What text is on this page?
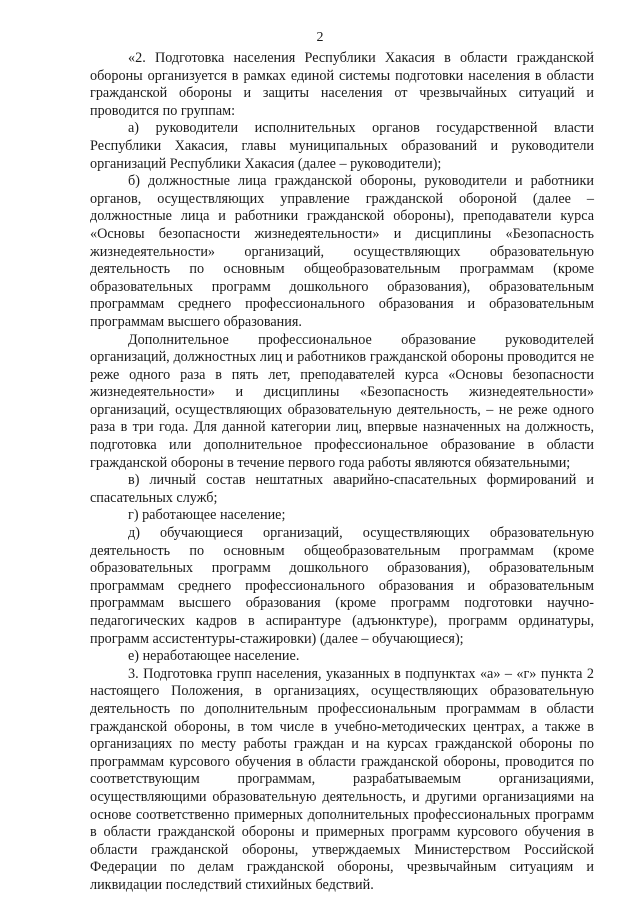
2

«2. Подготовка населения Республики Хакасия в области гражданской обороны организуется в рамках единой системы подготовки населения в области гражданской обороны и защиты населения от чрезвычайных ситуаций и проводится по группам:

а) руководители исполнительных органов государственной власти Республики Хакасия, главы муниципальных образований и руководители организаций Республики Хакасия (далее – руководители);

б) должностные лица гражданской обороны, руководители и работники органов, осуществляющих управление гражданской обороной (далее – должностные лица и работники гражданской обороны), преподаватели курса «Основы безопасности жизнедеятельности» и дисциплины «Безопасность жизнедеятельности» организаций, осуществляющих образовательную деятельность по основным общеобразовательным программам (кроме образовательных программ дошкольного образования), образовательным программам среднего профессионального образования и образовательным программам высшего образования.

Дополнительное профессиональное образование руководителей организаций, должностных лиц и работников гражданской обороны проводится не реже одного раза в пять лет, преподавателей курса «Основы безопасности жизнедеятельности» и дисциплины «Безопасность жизнедеятельности» организаций, осуществляющих образовательную деятельность, – не реже одного раза в три года. Для данной категории лиц, впервые назначенных на должность, подготовка или дополнительное профессиональное образование в области гражданской обороны в течение первого года работы являются обязательными;

в) личный состав нештатных аварийно-спасательных формирований и спасательных служб;

г) работающее население;

д) обучающиеся организаций, осуществляющих образовательную деятельность по основным общеобразовательным программам (кроме образовательных программ дошкольного образования), образовательным программам среднего профессионального образования и образовательным программам высшего образования (кроме программ подготовки научно-педагогических кадров в аспирантуре (адъюнктуре), программ ординатуры, программ ассистентуры-стажировки) (далее – обучающиеся);

е) неработающее население.

3. Подготовка групп населения, указанных в подпунктах «а» – «г» пункта 2 настоящего Положения, в организациях, осуществляющих образовательную деятельность по дополнительным профессиональным программам в области гражданской обороны, в том числе в учебно-методических центрах, а также в организациях по месту работы граждан и на курсах гражданской обороны по программам курсового обучения в области гражданской обороны, проводится по соответствующим программам, разрабатываемым организациями, осуществляющими образовательную деятельность, и другими организациями на основе соответственно примерных дополнительных профессиональных программ в области гражданской обороны и примерных программ курсового обучения в области гражданской обороны, утверждаемых Министерством Российской Федерации по делам гражданской обороны, чрезвычайным ситуациям и ликвидации последствий стихийных бедствий.
